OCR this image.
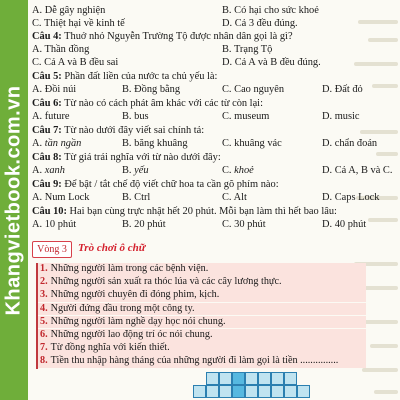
Khangvietbook.com.vn
A. Dễ gây nghiện	B. Có hại cho sức khoẻ
C. Thiệt hại về kinh tế	D. Cả 3 đều đúng.
Câu 4: Thuở nhỏ Nguyễn Trường Tộ được nhân dân gọi là gì?
A. Thần đồng	B. Trạng Tộ
C. Cả A và B đều sai	D. Cả A và B đều đúng.
Câu 5: Phần đất liền của nước ta chủ yếu là:
A. Đồi núi	B. Đồng bằng	C. Cao nguyên	D. Đất đỏ
Câu 6: Từ nào có cách phát âm khác với các từ còn lại:
A. future	B. bus	C. museum	D. music
Câu 7: Từ nào dưới đây viết sai chính tả:
A. tần ngần	B. băng khuâng	C. khuâng vác	D. chẩn đoán
Câu 8: Từ giá trái nghĩa với từ nào dưới đây:
A. xanh	B. yếu	C. khoẻ	D. Cả A, B và C.
Câu 9: Để bật / tắt chế độ viết chữ hoa ta cần gõ phím nào:
A. Num Lock	B. Ctrl	C. Alt	D. Caps Lock
Câu 10: Hai bạn cùng trực nhật hết 20 phút. Mỗi bạn làm thì hết bao lâu:
A. 10 phút	B. 20 phút	C. 30 phút	D. 40 phút
Vòng 3	Trò chơi ô chữ
1. Những người làm trong các bệnh viện.
2. Những người sản xuất ra thóc lúa và các cây lương thực.
3. Những người chuyên đi đóng phim, kịch.
4. Người đứng đầu trong một công ty.
5. Những người làm nghề dạy học nói chung.
6. Những người lao động trí óc nói chung.
7. Từ đồng nghĩa với kiến thiết.
8. Tiền thu nhập hàng tháng của những người đi làm gọi là tiền ...............
